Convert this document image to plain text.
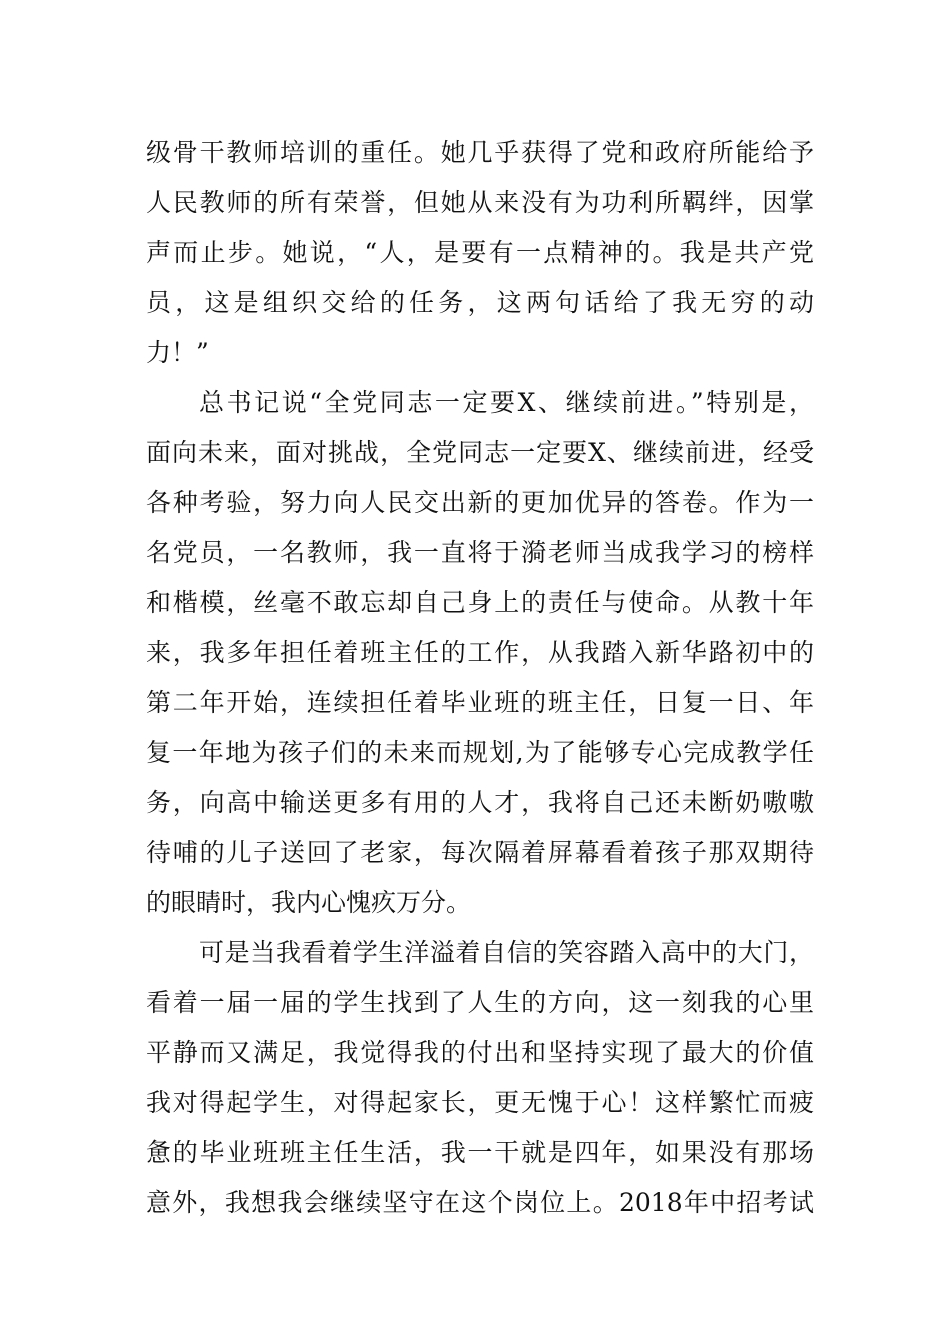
级骨干教师培训的重任。她几乎获得了党和政府所能给予
人民教师的所有荣誉，但她从来没有为功利所羁绊，因掌
声而止步。她说，“人，是要有一点精神的。我是共产党
员，这是组织交给的任务，这两句话给了我无穷的动
力！”
总书记说“全党同志一定要X、继续前进。”特别是，
面向未来，面对挑战，全党同志一定要X、继续前进，经受
各种考验，努力向人民交出新的更加优异的答卷。作为一
名党员，一名教师，我一直将于漪老师当成我学习的榜样
和楷模，丝毫不敢忘却自己身上的责任与使命。从教十年
来，我多年担任着班主任的工作，从我踏入新华路初中的
第二年开始，连续担任着毕业班的班主任，日复一日、年
复一年地为孩子们的未来而规划,为了能够专心完成教学任
务，向高中输送更多有用的人才，我将自己还未断奶嗷嗷
待哺的儿子送回了老家，每次隔着屏幕看着孩子那双期待
的眼睛时，我内心愧疚万分。
可是当我看着学生洋溢着自信的笑容踏入高中的大门，
看着一届一届的学生找到了人生的方向，这一刻我的心里
平静而又满足，我觉得我的付出和坚持实现了最大的价值
我对得起学生，对得起家长，更无愧于心！这样繁忙而疲
惫的毕业班班主任生活，我一干就是四年，如果没有那场
意外，我想我会继续坚守在这个岗位上。2018年中招考试
